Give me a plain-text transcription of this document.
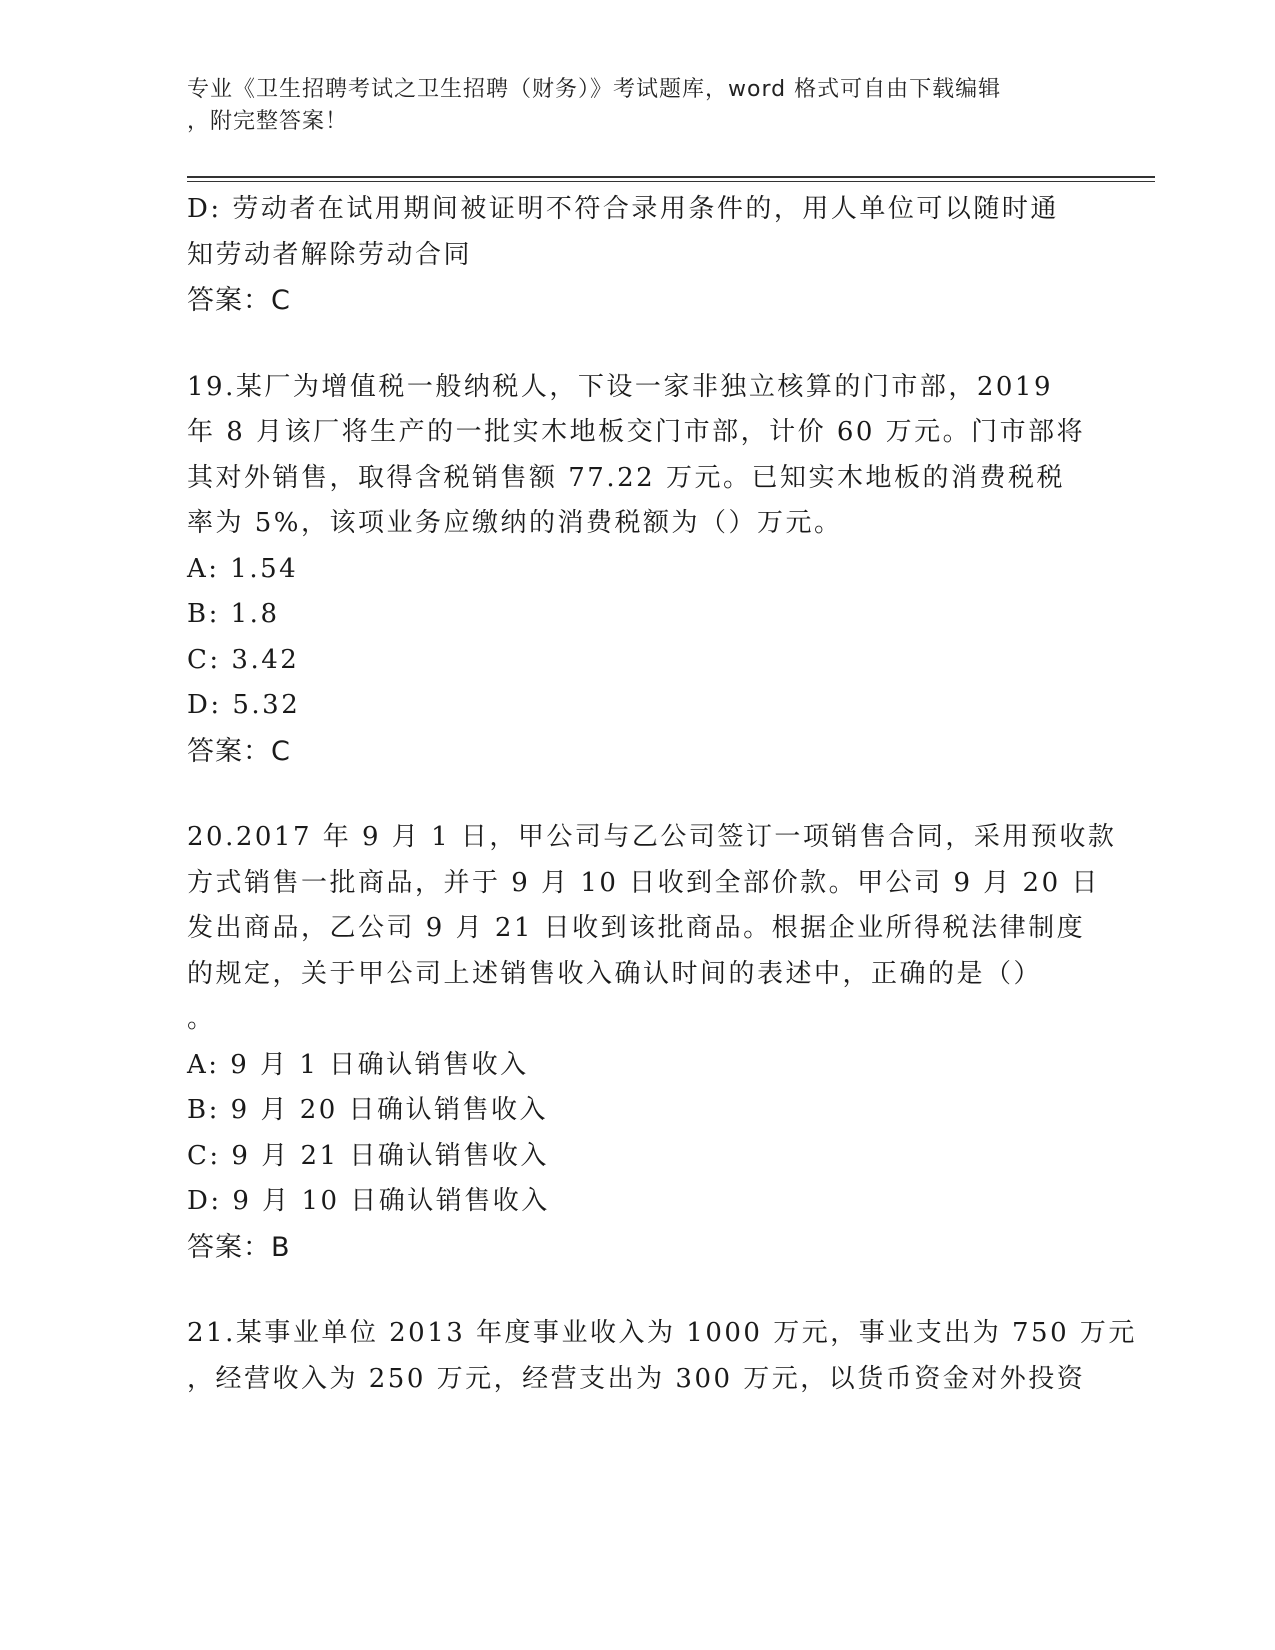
专业《卫生招聘考试之卫生招聘（财务）》考试题库，word 格式可自由下载编辑
，附完整答案！
D: 劳动者在试用期间被证明不符合录用条件的，用人单位可以随时通
知劳动者解除劳动合同
答案：C
19.某厂为增值税一般纳税人，下设一家非独立核算的门市部，2019
年 8 月该厂将生产的一批实木地板交门市部，计价 60 万元。门市部将
其对外销售，取得含税销售额 77.22 万元。已知实木地板的消费税税
率为 5%，该项业务应缴纳的消费税额为（）万元。
A: 1.54
B: 1.8
C: 3.42
D: 5.32
答案：C
20.2017 年 9 月 1 日，甲公司与乙公司签订一项销售合同，采用预收款
方式销售一批商品，并于 9 月 10 日收到全部价款。甲公司 9 月 20 日
发出商品，乙公司 9 月 21 日收到该批商品。根据企业所得税法律制度
的规定，关于甲公司上述销售收入确认时间的表述中，正确的是（）
。
A: 9 月 1 日确认销售收入
B: 9 月 20 日确认销售收入
C: 9 月 21 日确认销售收入
D: 9 月 10 日确认销售收入
答案：B
21.某事业单位 2013 年度事业收入为 1000 万元，事业支出为 750 万元
，经营收入为 250 万元，经营支出为 300 万元，以货币资金对外投资
